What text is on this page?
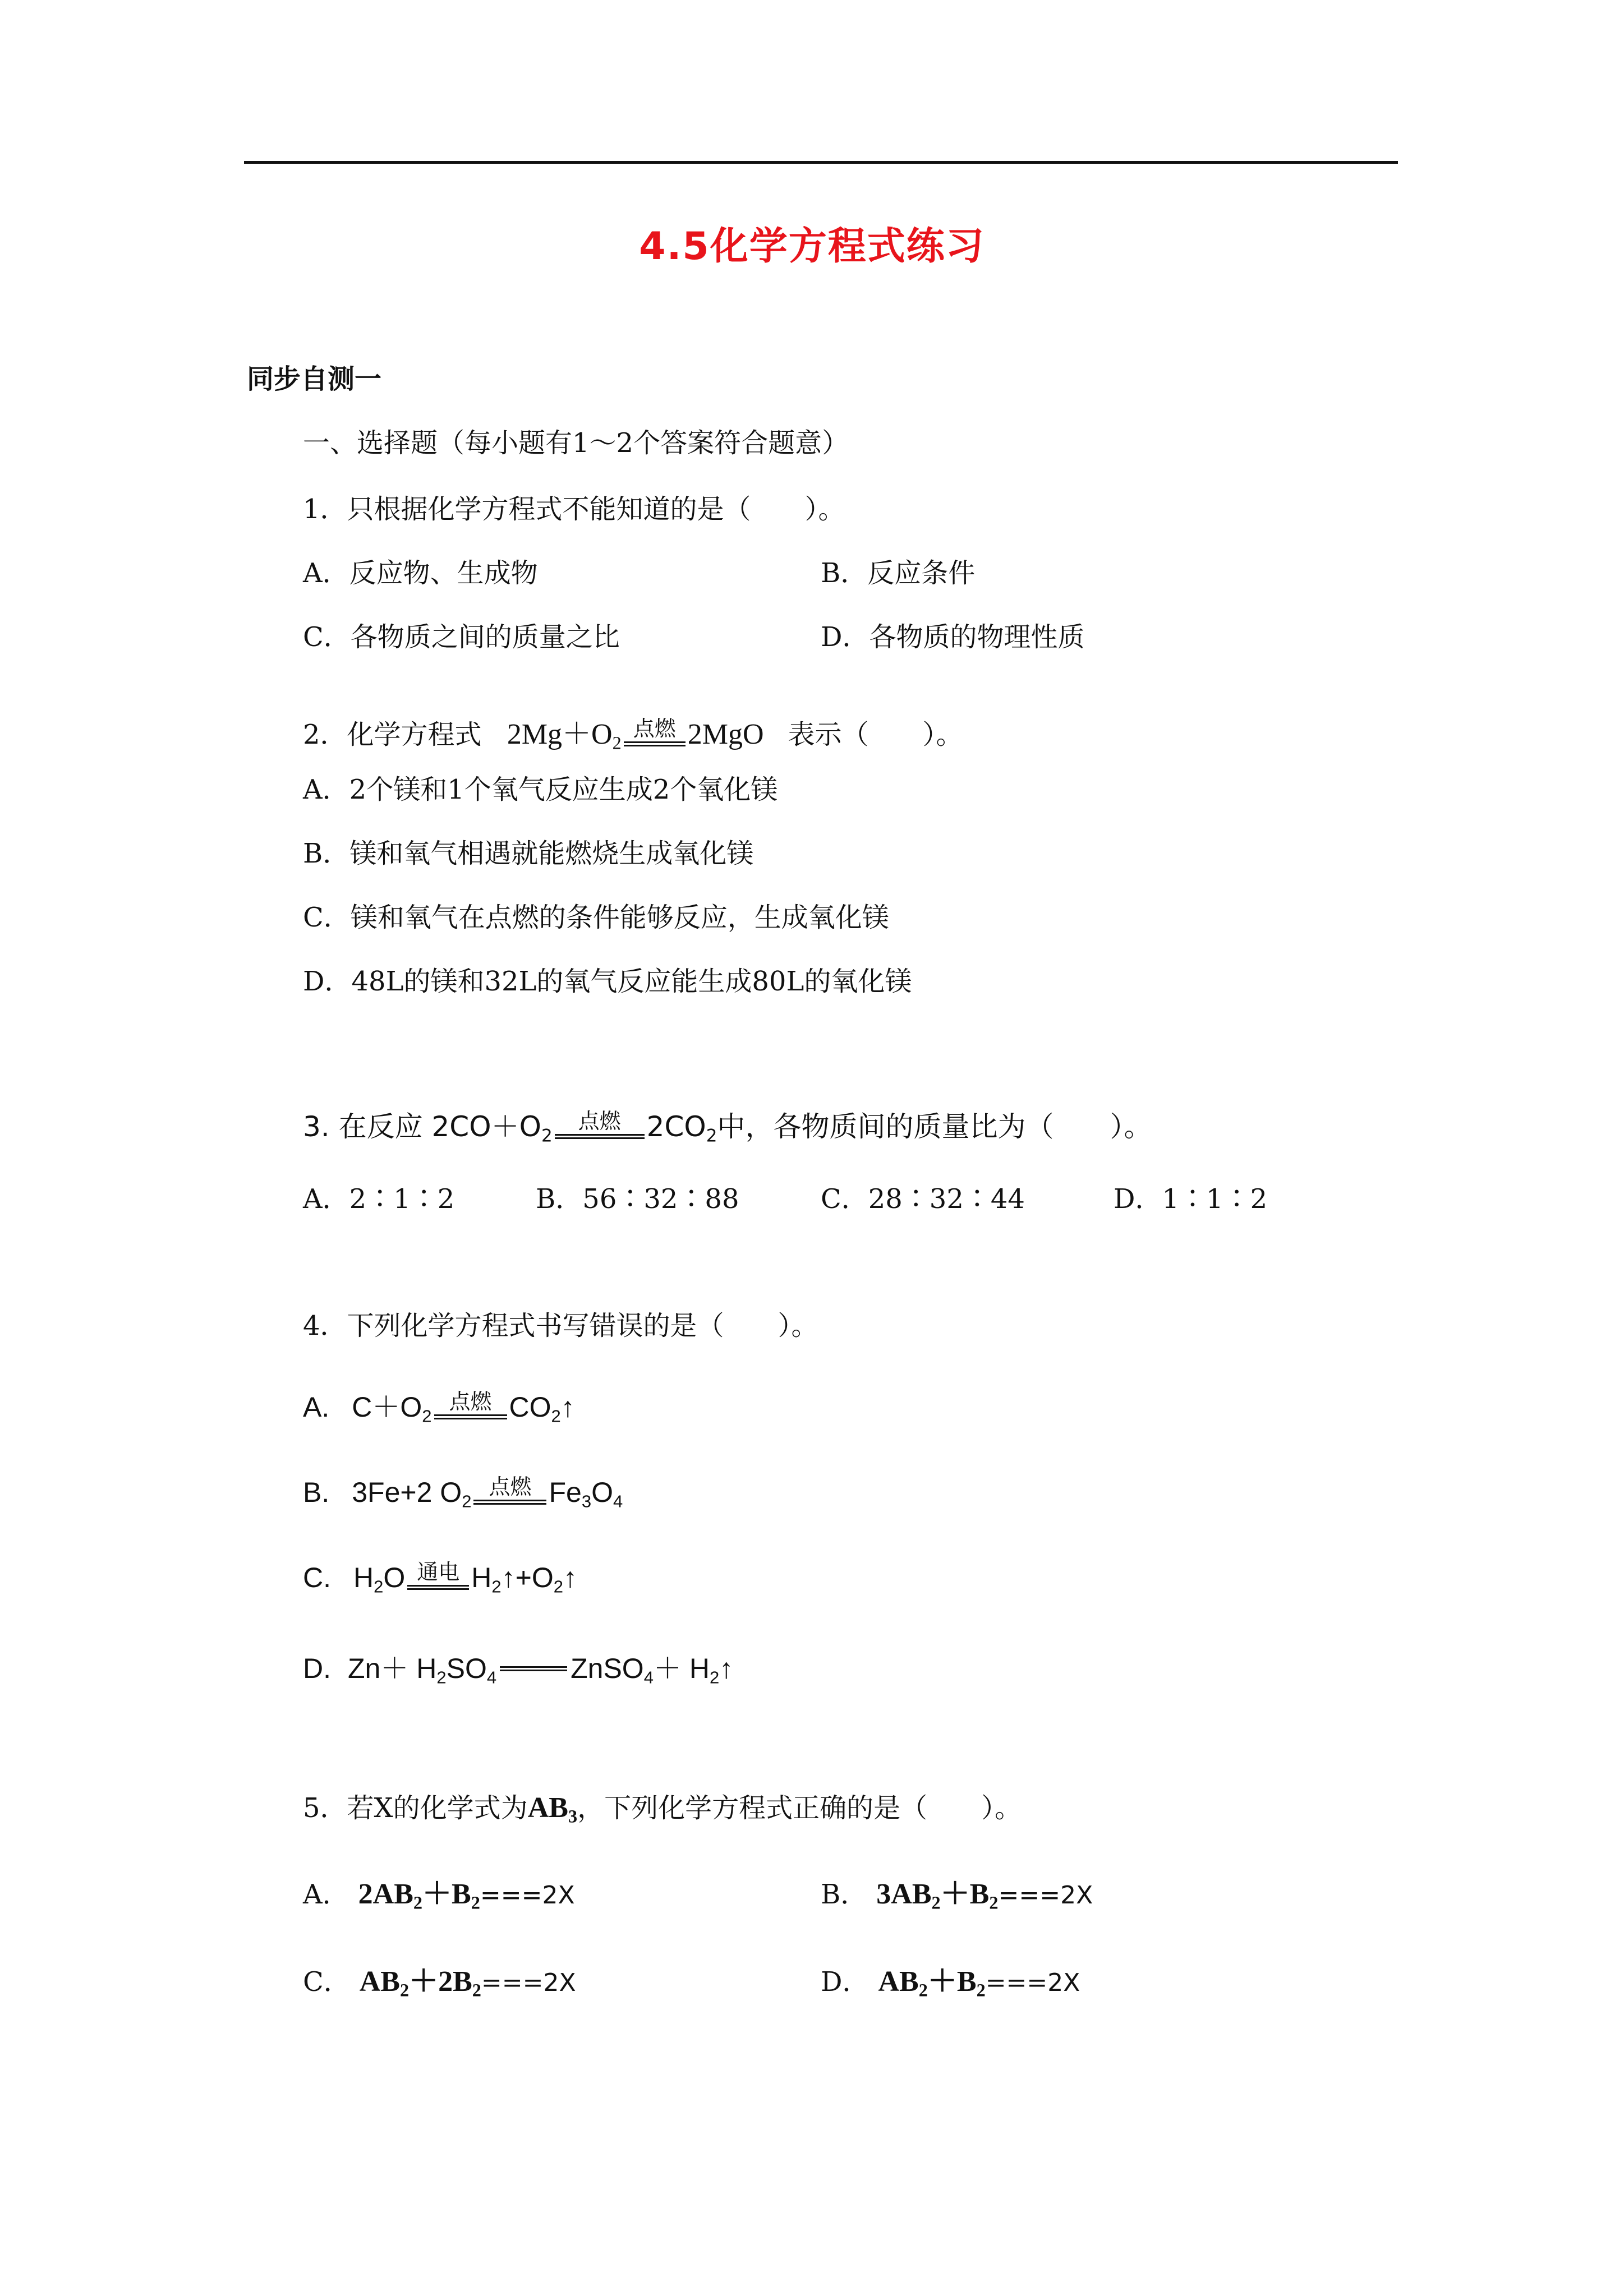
4.5化学方程式练习
同步自测一
一、选择题（每小题有1～2个答案符合题意）
1．只根据化学方程式不能知道的是（　　）。
A．反应物、生成物	B．反应条件
C．各物质之间的质量之比	D．各物质的物理性质
2．化学方程式 $2Mg+O_2$
点燃 2MgO 表示（　　）。
A．2个镁和1个氧气反应生成2个氧化镁
B．镁和氧气相遇就能燃烧生成氧化镁
C．镁和氧气在点燃的条件能够反应，生成氧化镁
D．48L的镁和32L的氧气反应能生成80L的氧化镁
3. 在反应 $2CO+O_2$
点燃 $2CO_2$中，各物质间的质量比为（　　）。
A．2∶1∶2	B．56∶32∶88	C．28∶32∶44	D．1∶1∶2
4．下列化学方程式书写错误的是（　　）。
A. $C+O_2$
点燃 $CO_2↑$
B. 3Fe+2 $O_2$
点燃 $Fe_3O_4$
C. $H_2O$ 通电 $H_2↑+O_2↑$
D. $Zn+ H_2SO_4$	ZnSO$_4$＋ $H_2↑$
5．若X的化学式为$AB_3$，下列化学方程式正确的是（　　）。
A． $2AB_2+B_2===2X$	B． $3AB_2+B_2===2X$
C． $AB_2+2B_2===2X$	D． $AB_2+B_2===2X$
